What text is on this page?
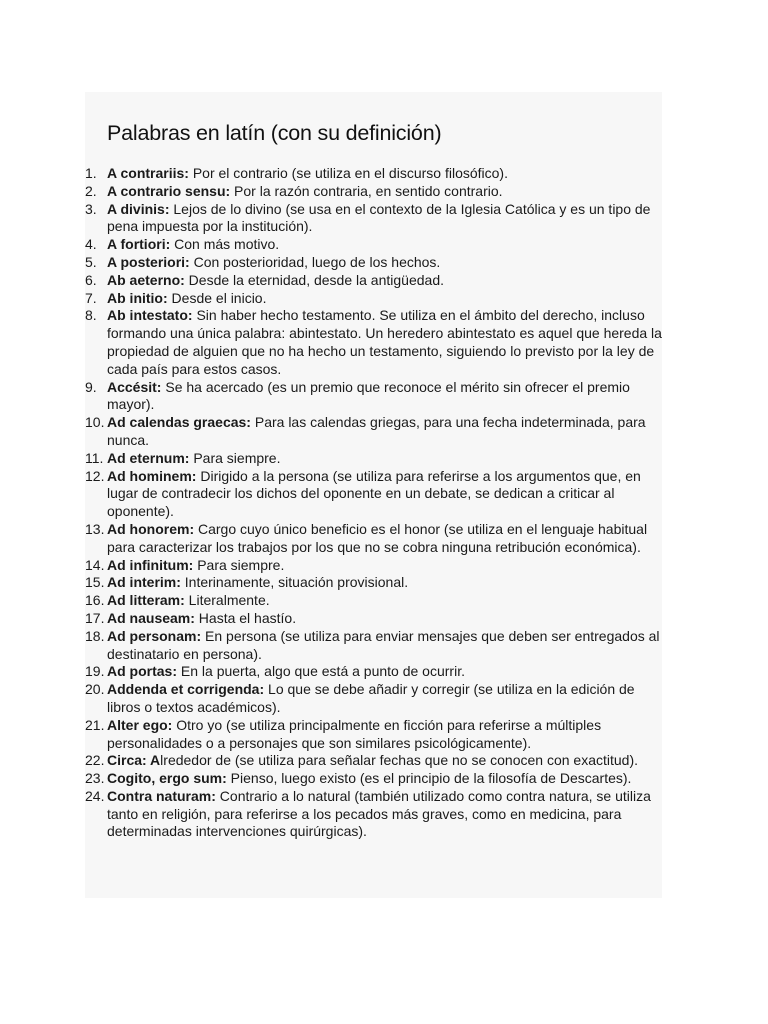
Palabras en latín (con su definición)
1. A contrariis: Por el contrario (se utiliza en el discurso filosófico).
2. A contrario sensu: Por la razón contraria, en sentido contrario.
3. A divinis: Lejos de lo divino (se usa en el contexto de la Iglesia Católica y es un tipo de pena impuesta por la institución).
4. A fortiori: Con más motivo.
5. A posteriori: Con posterioridad, luego de los hechos.
6. Ab aeterno: Desde la eternidad, desde la antigüedad.
7. Ab initio: Desde el inicio.
8. Ab intestato: Sin haber hecho testamento. Se utiliza en el ámbito del derecho, incluso formando una única palabra: abintestato. Un heredero abintestato es aquel que hereda la propiedad de alguien que no ha hecho un testamento, siguiendo lo previsto por la ley de cada país para estos casos.
9. Accésit: Se ha acercado (es un premio que reconoce el mérito sin ofrecer el premio mayor).
10. Ad calendas graecas: Para las calendas griegas, para una fecha indeterminada, para nunca.
11. Ad eternum: Para siempre.
12. Ad hominem: Dirigido a la persona (se utiliza para referirse a los argumentos que, en lugar de contradecir los dichos del oponente en un debate, se dedican a criticar al oponente).
13. Ad honorem: Cargo cuyo único beneficio es el honor (se utiliza en el lenguaje habitual para caracterizar los trabajos por los que no se cobra ninguna retribución económica).
14. Ad infinitum: Para siempre.
15. Ad interim: Interinamente, situación provisional.
16. Ad litteram: Literalmente.
17. Ad nauseam: Hasta el hastío.
18. Ad personam: En persona (se utiliza para enviar mensajes que deben ser entregados al destinatario en persona).
19. Ad portas: En la puerta, algo que está a punto de ocurrir.
20. Addenda et corrigenda: Lo que se debe añadir y corregir (se utiliza en la edición de libros o textos académicos).
21. Alter ego: Otro yo (se utiliza principalmente en ficción para referirse a múltiples personalidades o a personajes que son similares psicológicamente).
22. Circa: Alrededor de (se utiliza para señalar fechas que no se conocen con exactitud).
23. Cogito, ergo sum: Pienso, luego existo (es el principio de la filosofía de Descartes).
24. Contra naturam: Contrario a lo natural (también utilizado como contra natura, se utiliza tanto en religión, para referirse a los pecados más graves, como en medicina, para determinadas intervenciones quirúrgicas).
